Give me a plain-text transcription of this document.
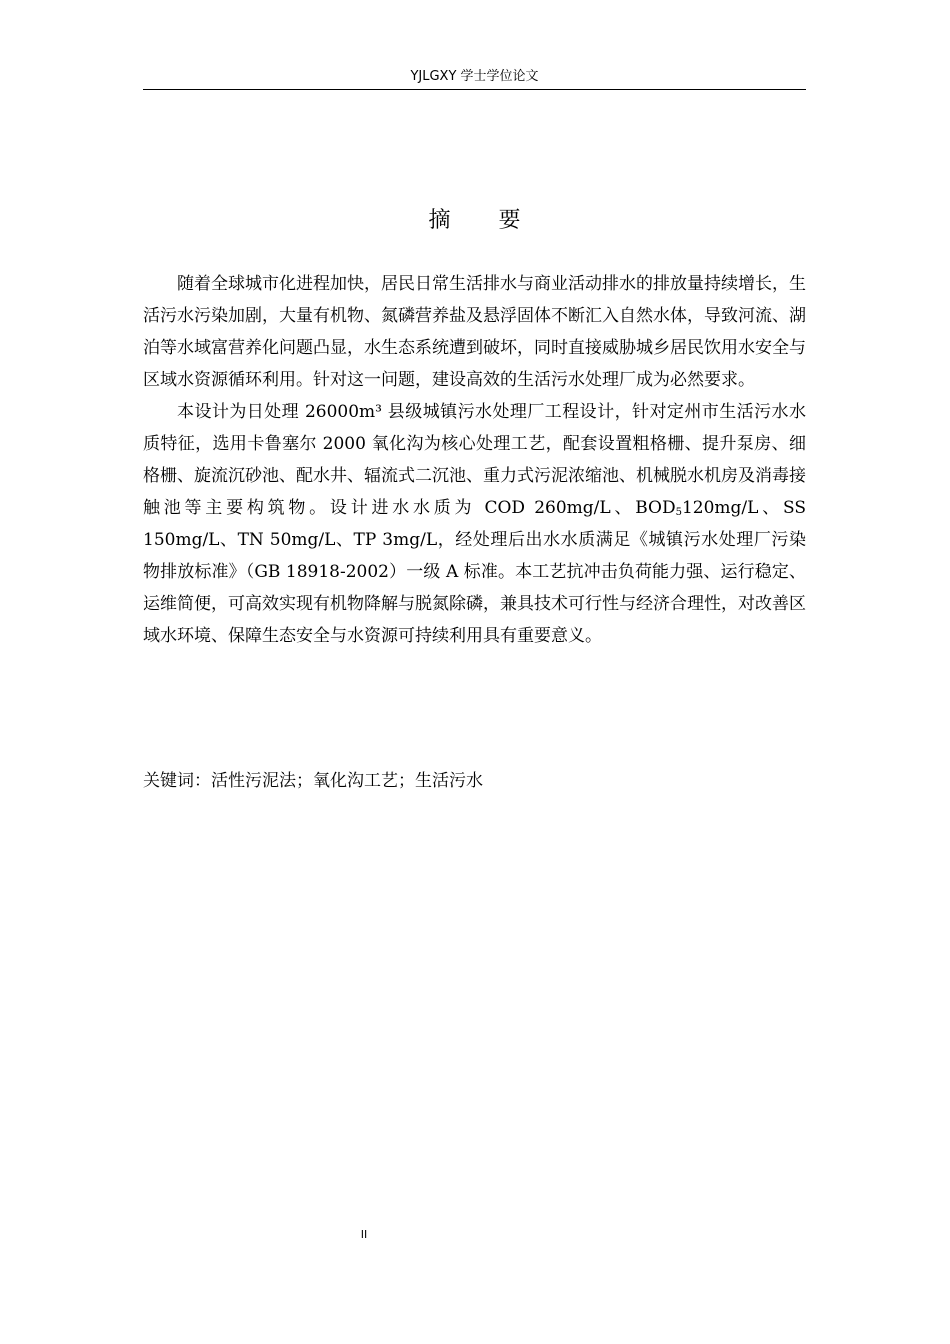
YJLGXY 学士学位论文
摘 要

随着全球城市化进程加快，居民日常生活排水与商业活动排水的排放量持续增长，生活污水污染加剧，大量有机物、氮磷营养盐及悬浮固体不断汇入自然水体，导致河流、湖泊等水域富营养化问题凸显，水生态系统遭到破坏，同时直接威胁城乡居民饮用水安全与区域水资源循环利用。针对这一问题，建设高效的生活污水处理厂成为必然要求。

本设计为日处理 26000m³ 县级城镇污水处理厂工程设计，针对定州市生活污水水质特征，选用卡鲁塞尔 2000 氧化沟为核心处理工艺，配套设置粗格栅、提升泵房、细格栅、旋流沉砂池、配水井、辐流式二沉池、重力式污泥浓缩池、机械脱水机房及消毒接触池等主要构筑物。设计进水水质为 COD 260mg/L、$BOD_5120mg/L$、SS 150mg/L、TN 50mg/L、TP 3mg/L，经处理后出水水质满足《城镇污水处理厂污染物排放标准》（GB 18918-2002）一级 A 标准。本工艺抗冲击负荷能力强、运行稳定、运维简便，可高效实现有机物降解与脱氮除磷，兼具技术可行性与经济合理性，对改善区域水环境、保障生态安全与水资源可持续利用具有重要意义。

关键词：活性污泥法；氧化沟工艺；生活污水
II
